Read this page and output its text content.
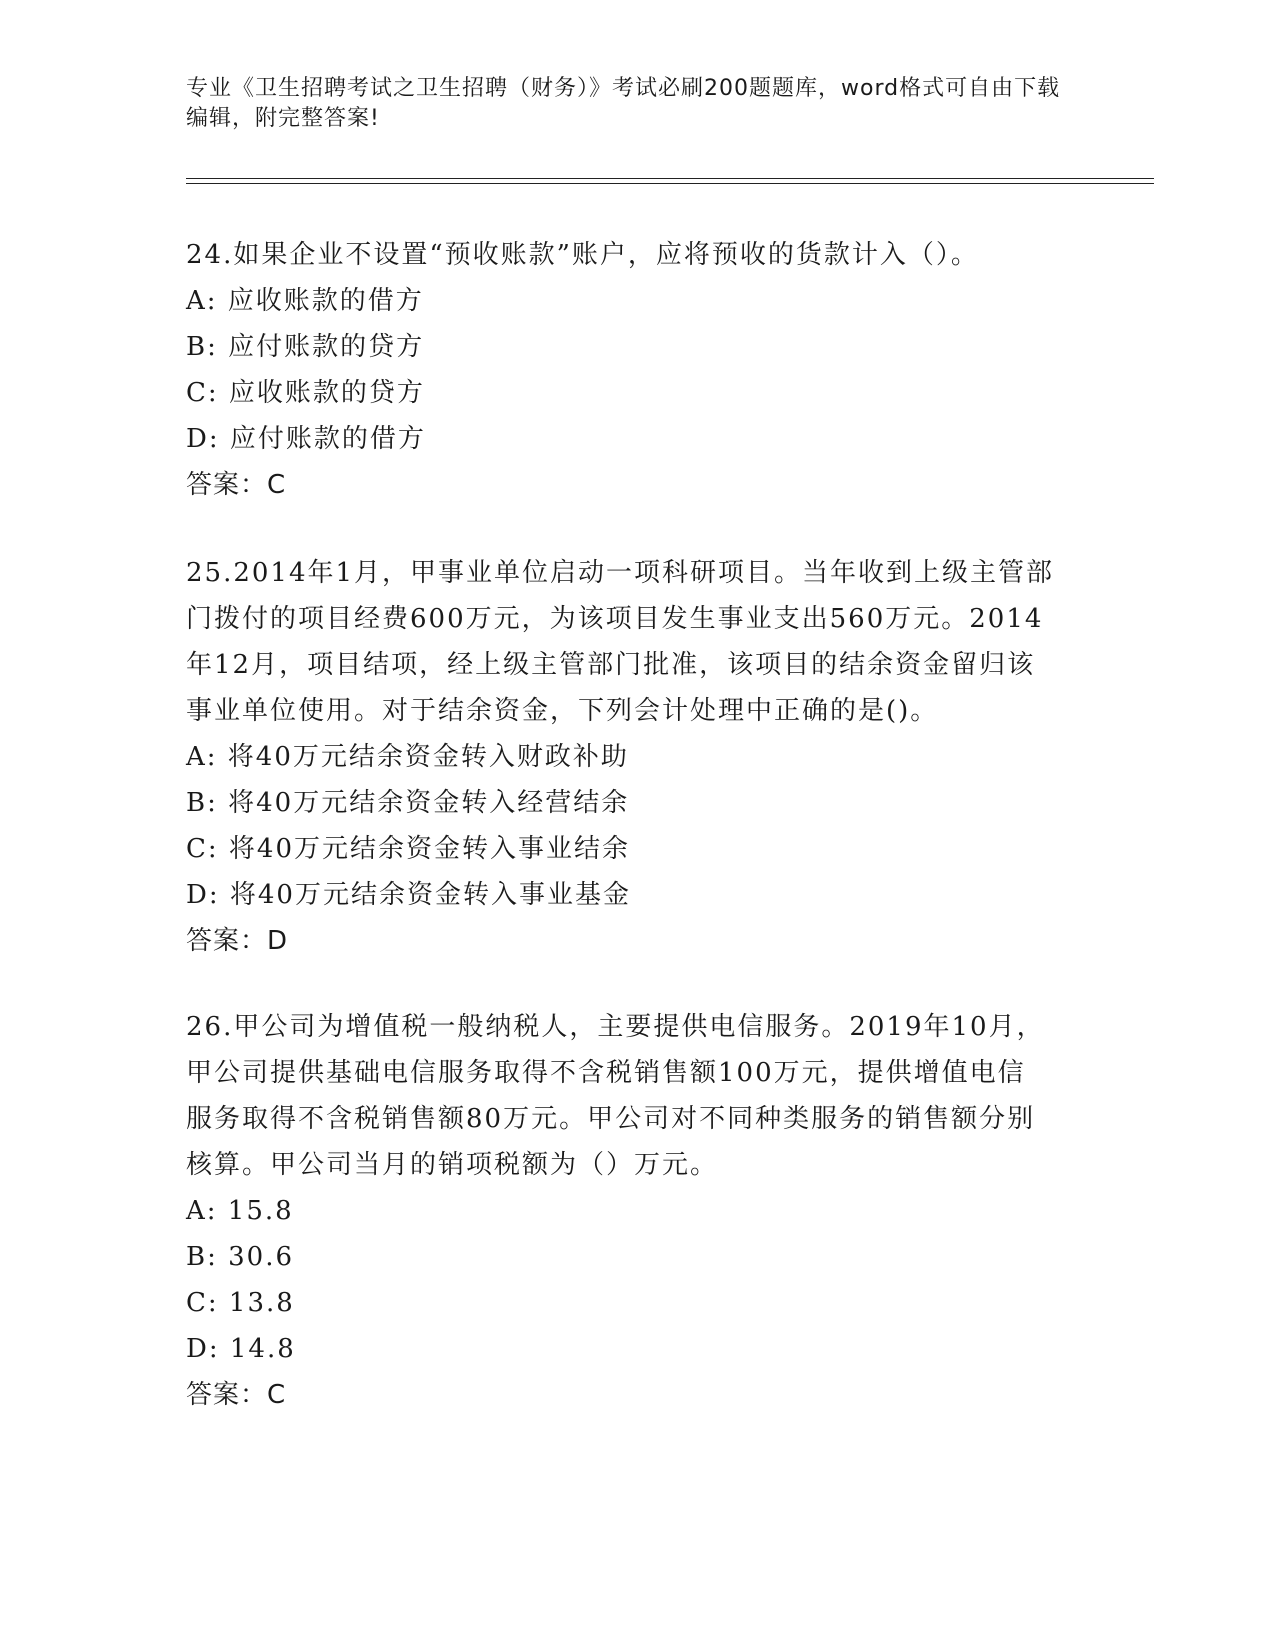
专业《卫生招聘考试之卫生招聘（财务）》考试必刷200题题库，word格式可自由下载编辑，附完整答案!

24.如果企业不设置“预收账款”账户，应将预收的货款计入（）。

A: 应收账款的借方

B: 应付账款的贷方

C: 应收账款的贷方

D: 应付账款的借方

答案：C

25.2014年1月，甲事业单位启动一项科研项目。当年收到上级主管部

门拨付的项目经费600万元，为该项目发生事业支出560万元。2014

年12月，项目结项，经上级主管部门批准，该项目的结余资金留归该

事业单位使用。对于结余资金，下列会计处理中正确的是()。

A: 将40万元结余资金转入财政补助

B: 将40万元结余资金转入经营结余

C: 将40万元结余资金转入事业结余

D: 将40万元结余资金转入事业基金

答案：D

26.甲公司为增值税一般纳税人，主要提供电信服务。2019年10月，

甲公司提供基础电信服务取得不含税销售额100万元，提供增值电信

服务取得不含税销售额80万元。甲公司对不同种类服务的销售额分别

核算。甲公司当月的销项税额为（）万元。

A: 15.8

B: 30.6

C: 13.8

D: 14.8

答案：C
